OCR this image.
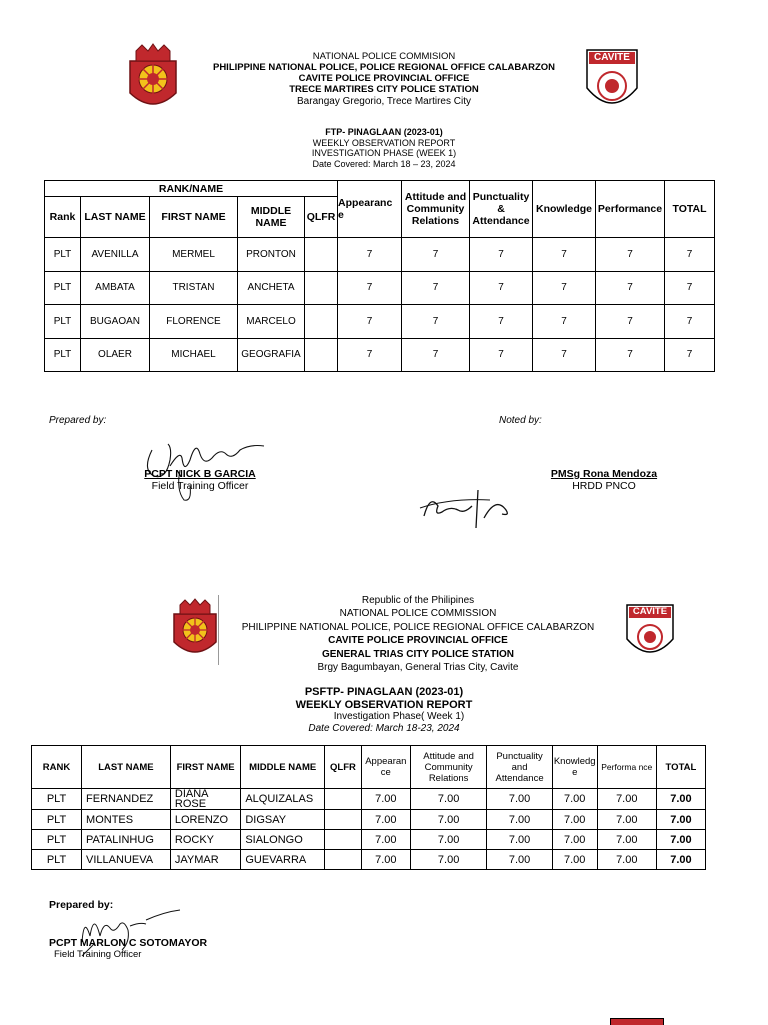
NATIONAL POLICE COMMISION
PHILIPPINE NATIONAL POLICE, POLICE REGIONAL OFFICE CALABARZON
CAVITE POLICE PROVINCIAL OFFICE
TRECE MARTIRES CITY POLICE STATION
Barangay Gregorio, Trece Martires City
CAVITE
FTP- PINAGLAAN (2023-01)
WEEKLY OBSERVATION REPORT
INVESTIGATION PHASE (WEEK 1)
Date Covered: March 18 – 23, 2024
RANK/NAME					Appearanc e	Attitude and Community Relations	Punctuality & Attendance	Knowledge	Performance	TOTAL
Rank	LAST NAME	FIRST NAME	MIDDLE NAME	QLFR						
PLT	AVENILLA	MERMEL	PRONTON		7	7	7	7	7	7
PLT	AMBATA	TRISTAN	ANCHETA		7	7	7	7	7	7
PLT	BUGAOAN	FLORENCE	MARCELO		7	7	7	7	7	7
PLT	OLAER	MICHAEL	GEOGRAFIA		7	7	7	7	7	7
Prepared by:	Noted by:
PCPT NICK B GARCIA
Field Training Officer
PMSg Rona Mendoza
HRDD PNCO
Republic of the Philipines
NATIONAL POLICE COMMISSION
PHILIPPINE NATIONAL POLICE, POLICE REGIONAL OFFICE CALABARZON
CAVITE POLICE PROVINCIAL OFFICE
GENERAL TRIAS CITY POLICE STATION
Brgy Bagumbayan, General Trias City, Cavite
CAVITE
PSFTP- PINAGLAAN (2023-01)
WEEKLY OBSERVATION REPORT
Investigation Phase( Week 1)
Date Covered: March 18-23, 2024
RANK	LAST NAME	FIRST NAME	MIDDLE NAME	QLFR	Appearan ce	Attitude and Community Relations	Punctuality and Attendance	Knowledg e	Performa nce	TOTAL
PLT	FERNANDEZ	DIANA ROSE	ALQUIZALAS		7.00	7.00	7.00	7.00	7.00	7.00
PLT	MONTES	LORENZO	DIGSAY		7.00	7.00	7.00	7.00	7.00	7.00
PLT	PATALINHUG	ROCKY	SIALONGO		7.00	7.00	7.00	7.00	7.00	7.00
PLT	VILLANUEVA	JAYMAR	GUEVARRA		7.00	7.00	7.00	7.00	7.00	7.00
Prepared by:
PCPT MARLON C SOTOMAYOR
Field Training Officer
